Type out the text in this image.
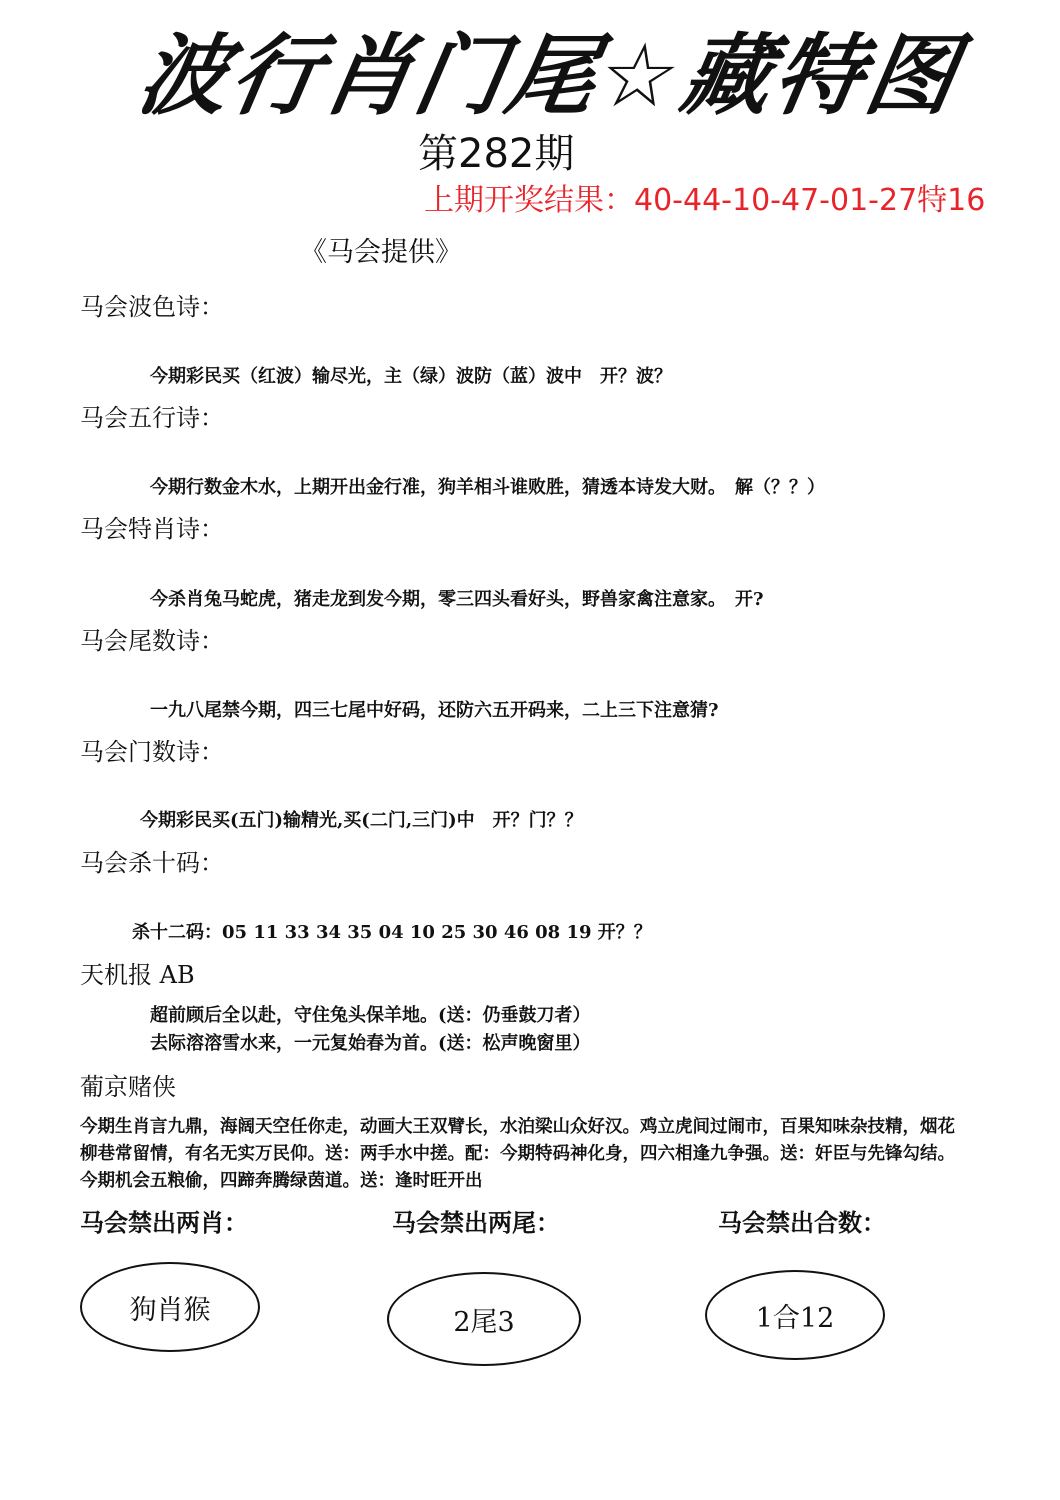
波行肖门尾☆藏特图
第282期
上期开奖结果：40-44-10-47-01-27特16
《马会提供》
马会波色诗：
今期彩民买（红波）输尽光，主（绿）波防（蓝）波中　开？波？
马会五行诗：
今期行数金木水，上期开出金行准，狗羊相斗谁败胜，猜透本诗发大财。　解（？？）
马会特肖诗：
今杀肖兔马蛇虎，猪走龙到发今期，零三四头看好头，野兽家禽注意家。　开?
马会尾数诗：
一九八尾禁今期，四三七尾中好码，还防六五开码来，二上三下注意猜?
马会门数诗：
今期彩民买(五门)输精光,买(二门,三门)中　开？门？？
马会杀十码：
杀十二码：05 11 33 34 35 04 10 25 30 46 08 19 开？？
天机报 AB
超前顾后全以赴，守住兔头保羊地。(送：仍垂鼓刀者）
去际溶溶雪水来，一元复始春为首。(送：松声晚窗里）
葡京赌侠
今期生肖言九鼎，海阔天空任你走，动画大王双臂长，水泊梁山众好汉。鸡立虎间过闹市，百果知味杂技精，烟花柳巷常留情，有名无实万民仰。送：两手水中搓。配：今期特码神化身，四六相逢九争强。送：奸臣与先锋勾结。今期机会五粮偷，四蹄奔腾绿茵道。送：逢时旺开出
马会禁出两肖：	马会禁出两尾：	马会禁出合数：
狗肖猴	2尾3	1合12
